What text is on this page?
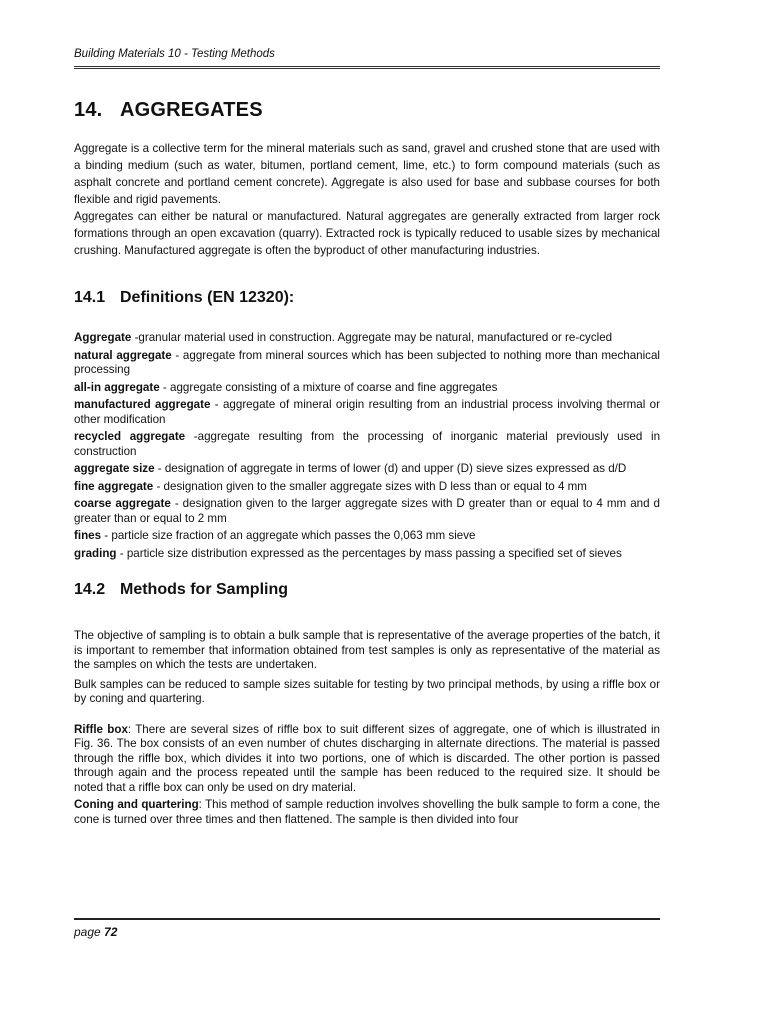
Building Materials 10 - Testing Methods
14. AGGREGATES

Aggregate is a collective term for the mineral materials such as sand, gravel and crushed stone that are used with a binding medium (such as water, bitumen, portland cement, lime, etc.) to form compound materials (such as asphalt concrete and portland cement concrete). Aggregate is also used for base and subbase courses for both flexible and rigid pavements.

Aggregates can either be natural or manufactured. Natural aggregates are generally extracted from larger rock formations through an open excavation (quarry). Extracted rock is typically reduced to usable sizes by mechanical crushing. Manufactured aggregate is often the byproduct of other manufacturing industries.

14.1 Definitions (EN 12320):
Aggregate -granular material used in construction. Aggregate may be natural, manufactured or re-cycled
natural aggregate - aggregate from mineral sources which has been subjected to nothing more than mechanical processing
all-in aggregate - aggregate consisting of a mixture of coarse and fine aggregates
manufactured aggregate - aggregate of mineral origin resulting from an industrial process involving thermal or other modification
recycled aggregate -aggregate resulting from the processing of inorganic material previously used in construction
aggregate size - designation of aggregate in terms of lower (d) and upper (D) sieve sizes expressed as d/D
fine aggregate - designation given to the smaller aggregate sizes with D less than or equal to 4 mm
coarse aggregate - designation given to the larger aggregate sizes with D greater than or equal to 4 mm and d greater than or equal to 2 mm
fines - particle size fraction of an aggregate which passes the 0,063 mm sieve
grading - particle size distribution expressed as the percentages by mass passing a specified set of sieves
14.2 Methods for Sampling

The objective of sampling is to obtain a bulk sample that is representative of the average properties of the batch, it is important to remember that information obtained from test samples is only as representative of the material as the samples on which the tests are undertaken.

Bulk samples can be reduced to sample sizes suitable for testing by two principal methods, by using a riffle box or by coning and quartering.

Riffle box: There are several sizes of riffle box to suit different sizes of aggregate, one of which is illustrated in Fig. 36. The box consists of an even number of chutes discharging in alternate directions. The material is passed through the riffle box, which divides it into two portions, one of which is discarded. The other portion is passed through again and the process repeated until the sample has been reduced to the required size. It should be noted that a riffle box can only be used on dry material.

Coning and quartering: This method of sample reduction involves shovelling the bulk sample to form a cone, the cone is turned over three times and then flattened. The sample is then divided into four

page 72
